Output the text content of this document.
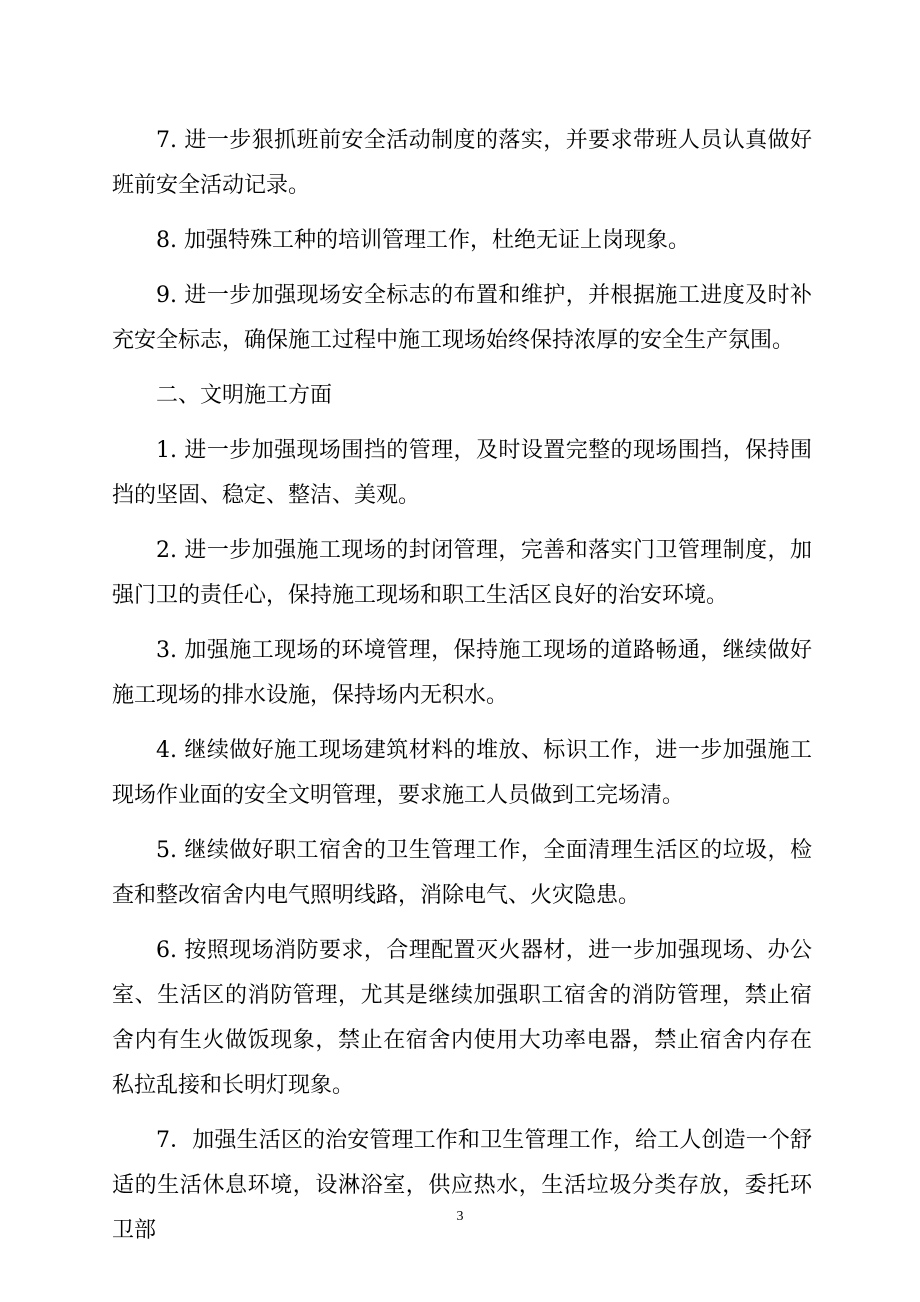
7. 进一步狠抓班前安全活动制度的落实，并要求带班人员认真做好班前安全活动记录。

8. 加强特殊工种的培训管理工作，杜绝无证上岗现象。

9. 进一步加强现场安全标志的布置和维护，并根据施工进度及时补充安全标志，确保施工过程中施工现场始终保持浓厚的安全生产氛围。

二、文明施工方面

1. 进一步加强现场围挡的管理，及时设置完整的现场围挡，保持围挡的坚固、稳定、整洁、美观。

2. 进一步加强施工现场的封闭管理，完善和落实门卫管理制度，加强门卫的责任心，保持施工现场和职工生活区良好的治安环境。

3. 加强施工现场的环境管理，保持施工现场的道路畅通，继续做好施工现场的排水设施，保持场内无积水。

4. 继续做好施工现场建筑材料的堆放、标识工作，进一步加强施工现场作业面的安全文明管理，要求施工人员做到工完场清。

5. 继续做好职工宿舍的卫生管理工作，全面清理生活区的垃圾，检查和整改宿舍内电气照明线路，消除电气、火灾隐患。

6. 按照现场消防要求，合理配置灭火器材，进一步加强现场、办公室、生活区的消防管理，尤其是继续加强职工宿舍的消防管理，禁止宿舍内有生火做饭现象，禁止在宿舍内使用大功率电器，禁止宿舍内存在私拉乱接和长明灯现象。

7．加强生活区的治安管理工作和卫生管理工作，给工人创造一个舒适的生活休息环境，设淋浴室，供应热水，生活垃圾分类存放，委托环卫部

3
